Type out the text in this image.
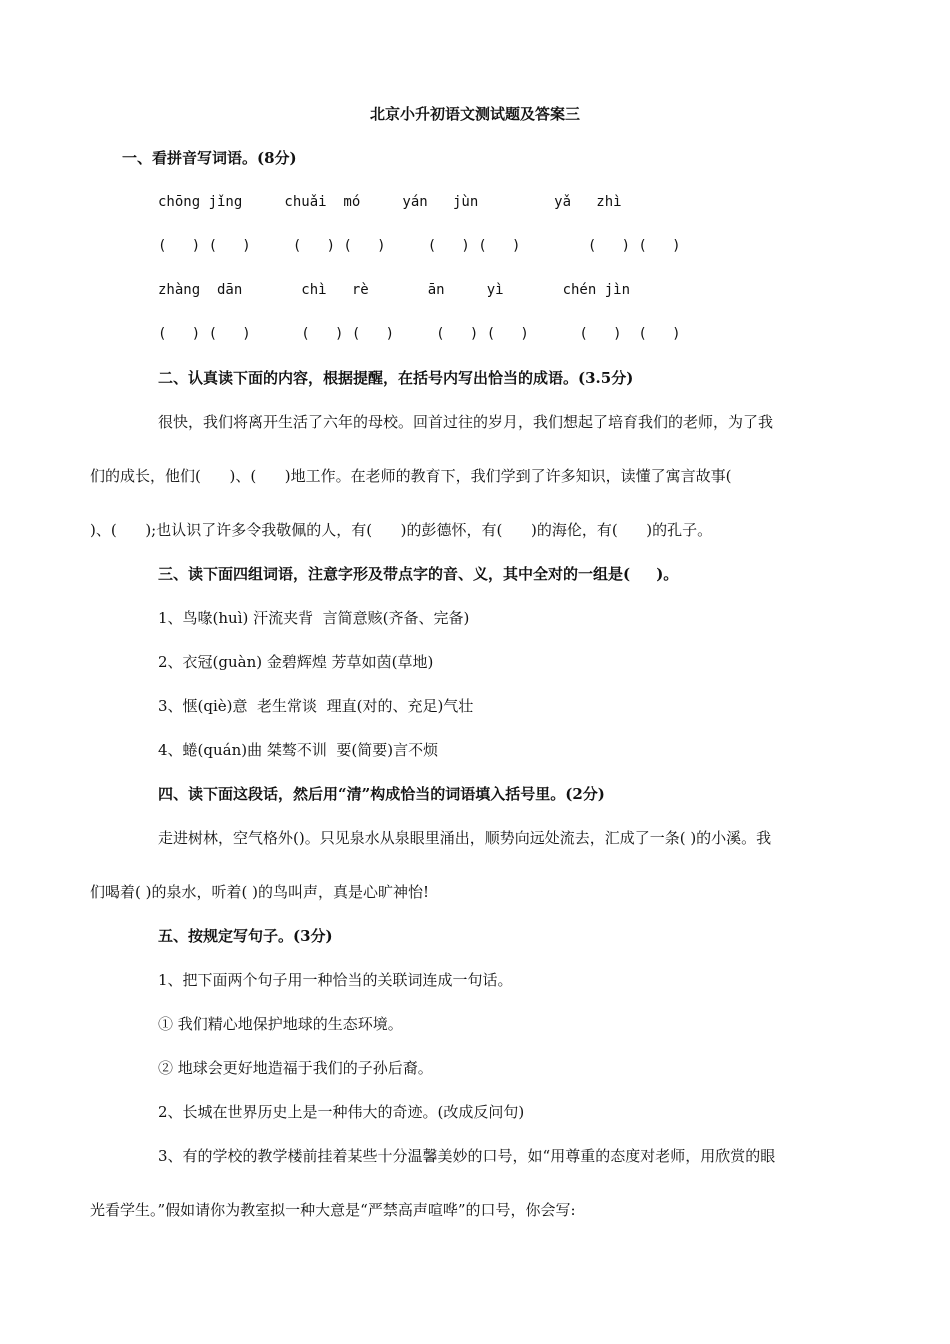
北京小升初语文测试题及答案三
一、看拼音写词语。(8分)
chōng jǐng     chuǎi  mó     yán   jùn         yǎ   zhì
(   ) (   )     (   ) (   )     (   ) (   )        (   ) (   )
zhàng  dān       chì   rè       ān     yì       chén jìn
(   ) (   )      (   ) (   )     (   ) (   )      (   )  (   )
二、认真读下面的内容，根据提醒，在括号内写出恰当的成语。(3.5分)
很快，我们将离开生活了六年的母校。回首过往的岁月，我们想起了培育我们的老师，为了我
们的成长，他们(      )、(      )地工作。在老师的教育下，我们学到了许多知识，读懂了寓言故事(
)、(      );也认识了许多令我敬佩的人，有(      )的彭德怀，有(      )的海伦，有(      )的孔子。
三、读下面四组词语，注意字形及带点字的音、义，其中全对的一组是(     )。
1、鸟喙(huì) 汗流夹背  言简意赅(齐备、完备)
2、衣冠(guàn) 金碧辉煌 芳草如茵(草地)
3、惬(qiè)意  老生常谈  理直(对的、充足)气壮
4、蜷(quán)曲 桀骜不训  要(简要)言不烦
四、读下面这段话，然后用“清”构成恰当的词语填入括号里。(2分)
走进树林，空气格外()。只见泉水从泉眼里涌出，顺势向远处流去，汇成了一条( )的小溪。我
们喝着( )的泉水，听着( )的鸟叫声，真是心旷神怡!
五、按规定写句子。(3分)
1、把下面两个句子用一种恰当的关联词连成一句话。
① 我们精心地保护地球的生态环境。
② 地球会更好地造福于我们的子孙后裔。
2、长城在世界历史上是一种伟大的奇迹。(改成反问句)
3、有的学校的教学楼前挂着某些十分温馨美妙的口号，如“用尊重的态度对老师，用欣赏的眼
光看学生。”假如请你为教室拟一种大意是“严禁高声喧哗”的口号，你会写:
